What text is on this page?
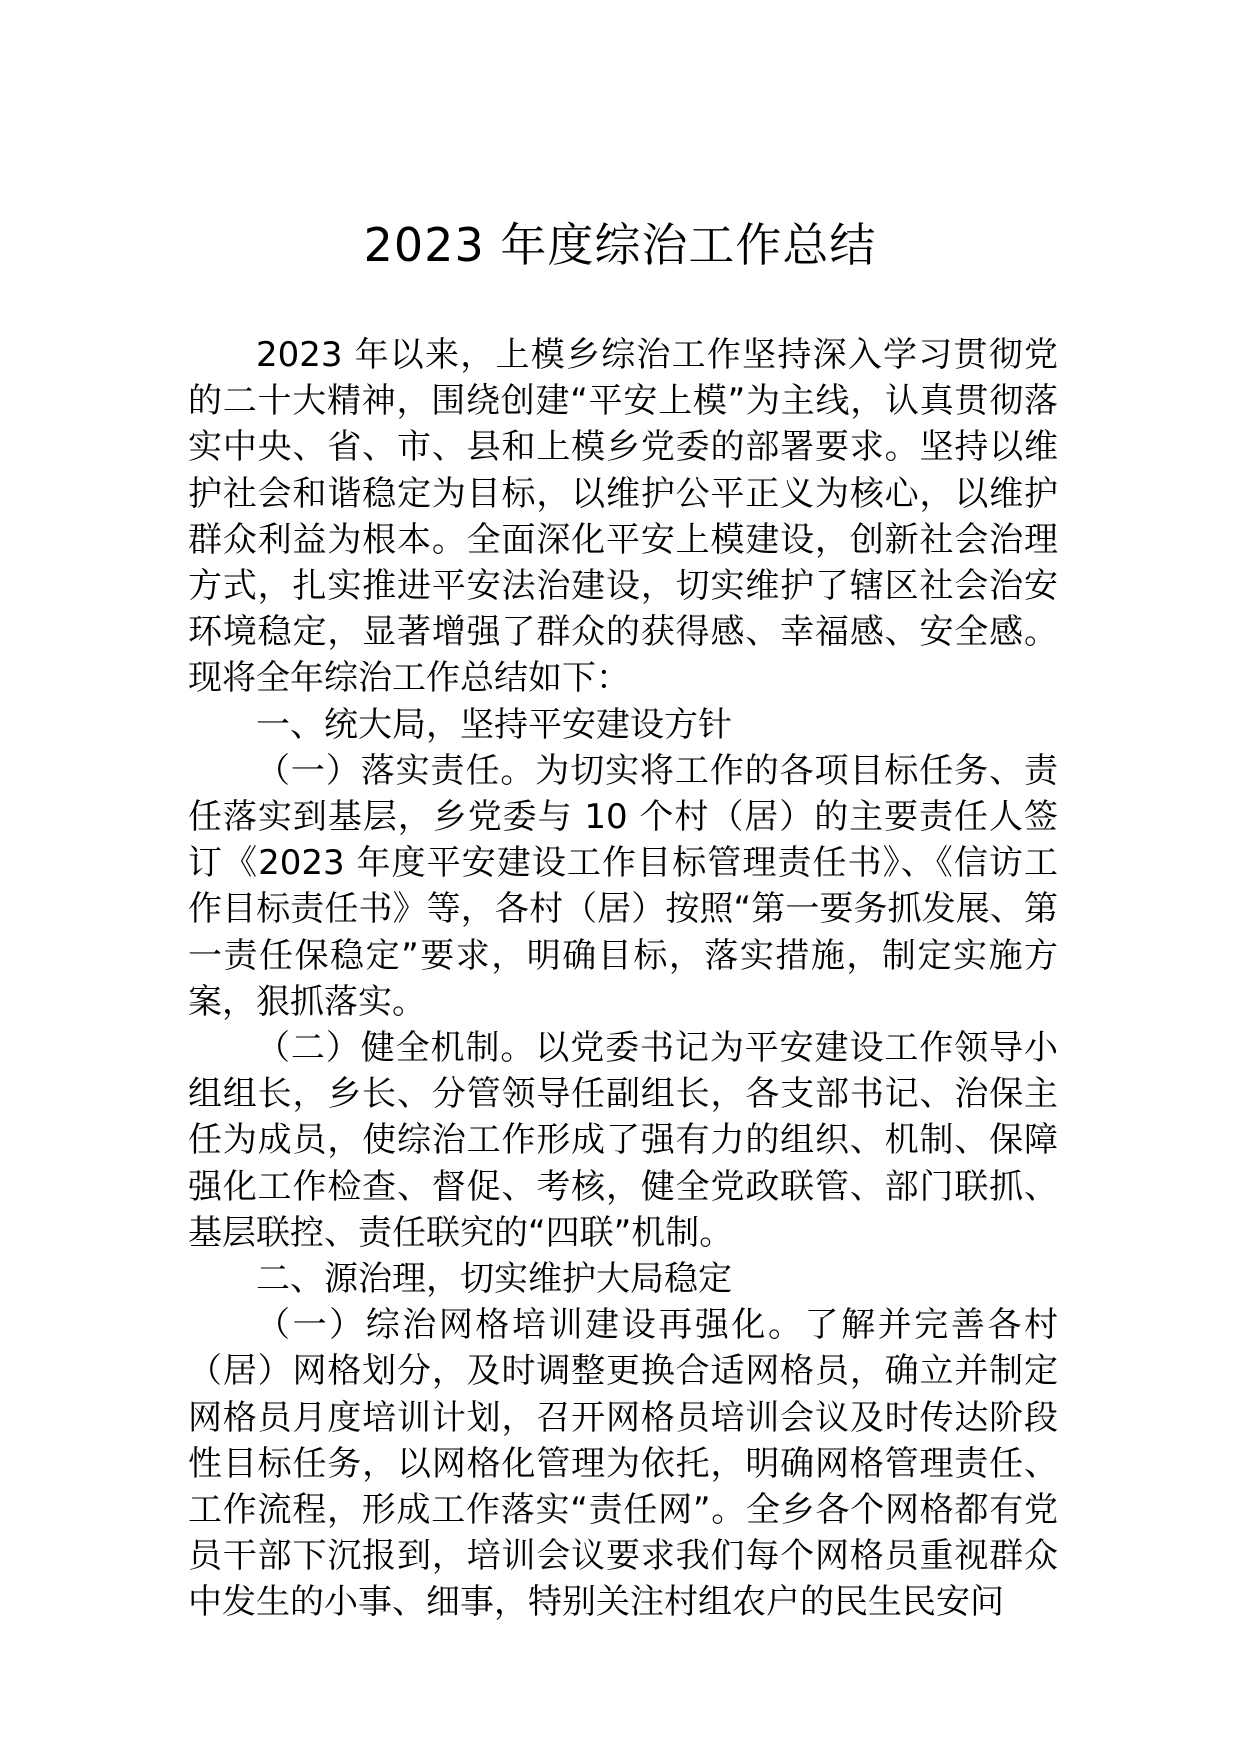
2023 年度综治工作总结

2023 年以来，上模乡综治工作坚持深入学习贯彻党的二十大精神，围绕创建“平安上模”为主线，认真贯彻落实中央、省、市、县和上模乡党委的部署要求。坚持以维护社会和谐稳定为目标，以维护公平正义为核心，以维护群众利益为根本。全面深化平安上模建设，创新社会治理方式，扎实推进平安法治建设，切实维护了辖区社会治安环境稳定，显著增强了群众的获得感、幸福感、安全感。现将全年综治工作总结如下：

一、统大局，坚持平安建设方针

（一）落实责任。为切实将工作的各项目标任务、责任落实到基层，乡党委与 10 个村（居）的主要责任人签订《2023 年度平安建设工作目标管理责任书》、《信访工作目标责任书》等，各村（居）按照“第一要务抓发展、第一责任保稳定”要求，明确目标，落实措施，制定实施方案，狠抓落实。

（二）健全机制。以党委书记为平安建设工作领导小组组长，乡长、分管领导任副组长，各支部书记、治保主任为成员，使综治工作形成了强有力的组织、机制、保障强化工作检查、督促、考核，健全党政联管、部门联抓、基层联控、责任联究的“四联”机制。

二、源治理，切实维护大局稳定

（一）综治网格培训建设再强化。了解并完善各村（居）网格划分，及时调整更换合适网格员，确立并制定网格员月度培训计划，召开网格员培训会议及时传达阶段性目标任务，以网格化管理为依托，明确网格管理责任、工作流程，形成工作落实“责任网”。全乡各个网格都有党员干部下沉报到，培训会议要求我们每个网格员重视群众中发生的小事、细事，特别关注村组农户的民生民安问
